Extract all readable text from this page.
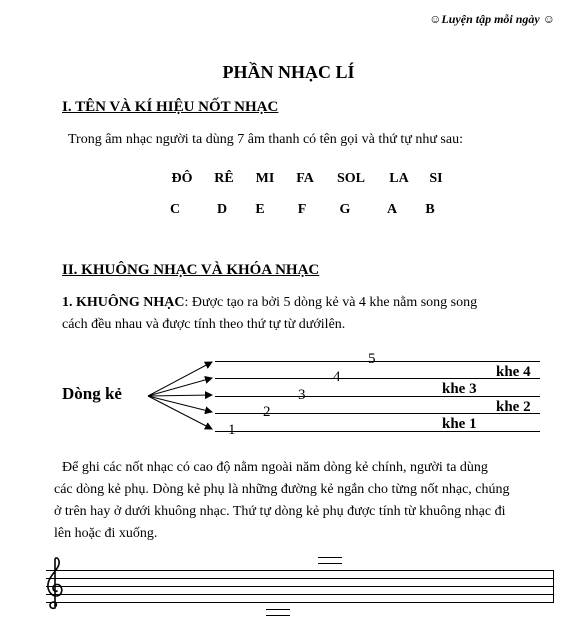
☺Luyện tập mỗi ngày ☺
PHẦN NHẠC LÍ
I. TÊN VÀ KÍ HIỆU NỐT NHẠC
Trong âm nhạc người ta dùng 7 âm thanh có tên gọi và thứ tự như sau:
ĐÔ	RÊ	MI	FA	SOL	LA	SI
C	D	E	F	G	A	B
II. KHUÔNG NHẠC VÀ KHÓA NHẠC
1. KHUÔNG NHẠC: Được tạo ra bởi 5 dòng kẻ và 4 khe nằm song song
cách đều nhau và được tính theo thứ tự từ dướilên.
Dòng kẻ
5
4
3
2
1
khe 4
khe 3
khe 2
khe 1
Để ghi các nốt nhạc có cao độ nằm ngoài năm dòng kẻ chính, người ta dùng
các dòng kẻ phụ. Dòng kẻ phụ là những đường kẻ ngắn cho từng nốt nhạc, chúng
ở trên hay ở dưới khuông nhạc. Thứ tự dòng kẻ phụ được tính từ khuông nhạc đi
lên hoặc đi xuống.
